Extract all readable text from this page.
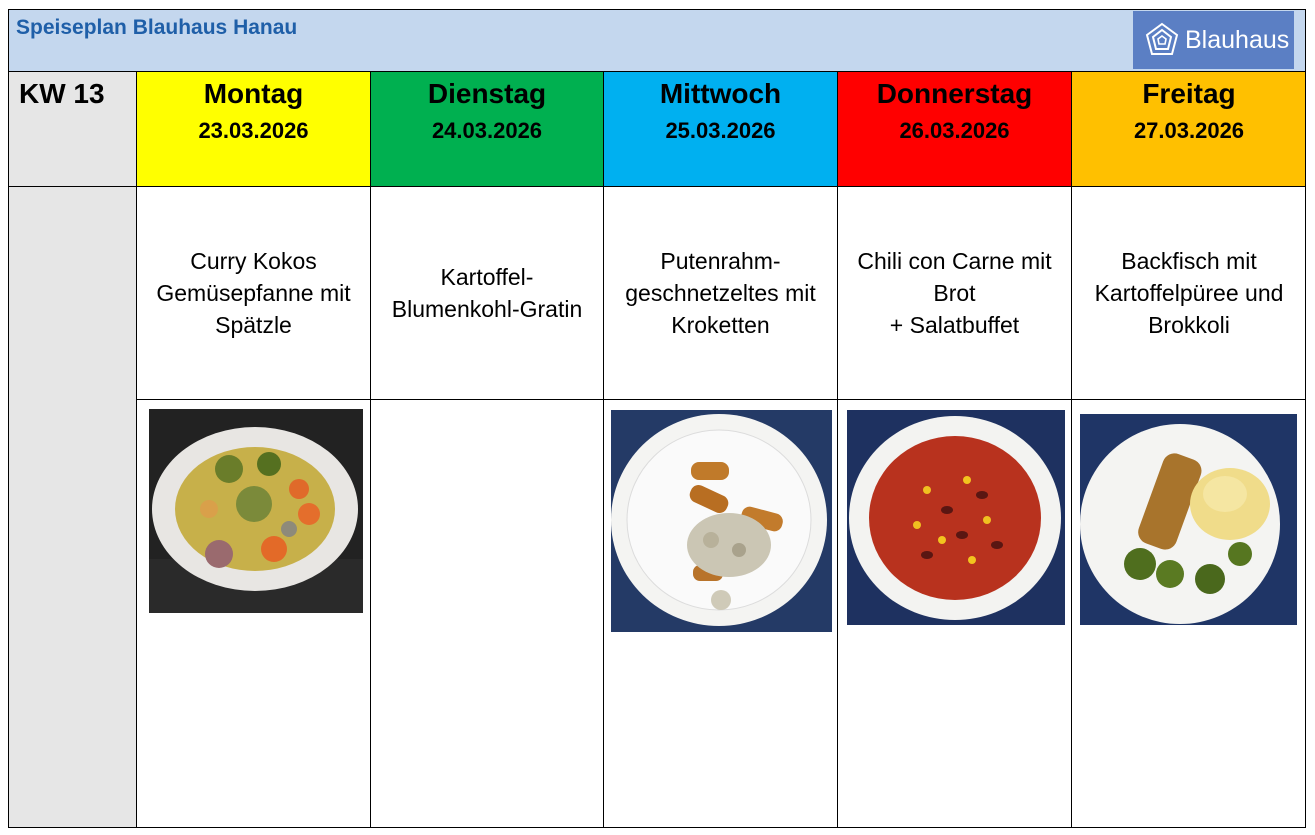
Speiseplan Blauhaus Hanau	Blauhaus
KW 13	Montag
23.03.2026
Dienstag
24.03.2026
Mittwoch
25.03.2026
Donnerstag
26.03.2026
Freitag
27.03.2026
Curry Kokos
Gemüsepfanne mit
Spätzle
Kartoffel-
Blumenkohl-Gratin
Putenrahm-
geschnetzeltes mit
Kroketten
Chili con Carne mit
Brot
+ Salatbuffet
Backfisch mit
Kartoffelpüree und
Brokkoli
